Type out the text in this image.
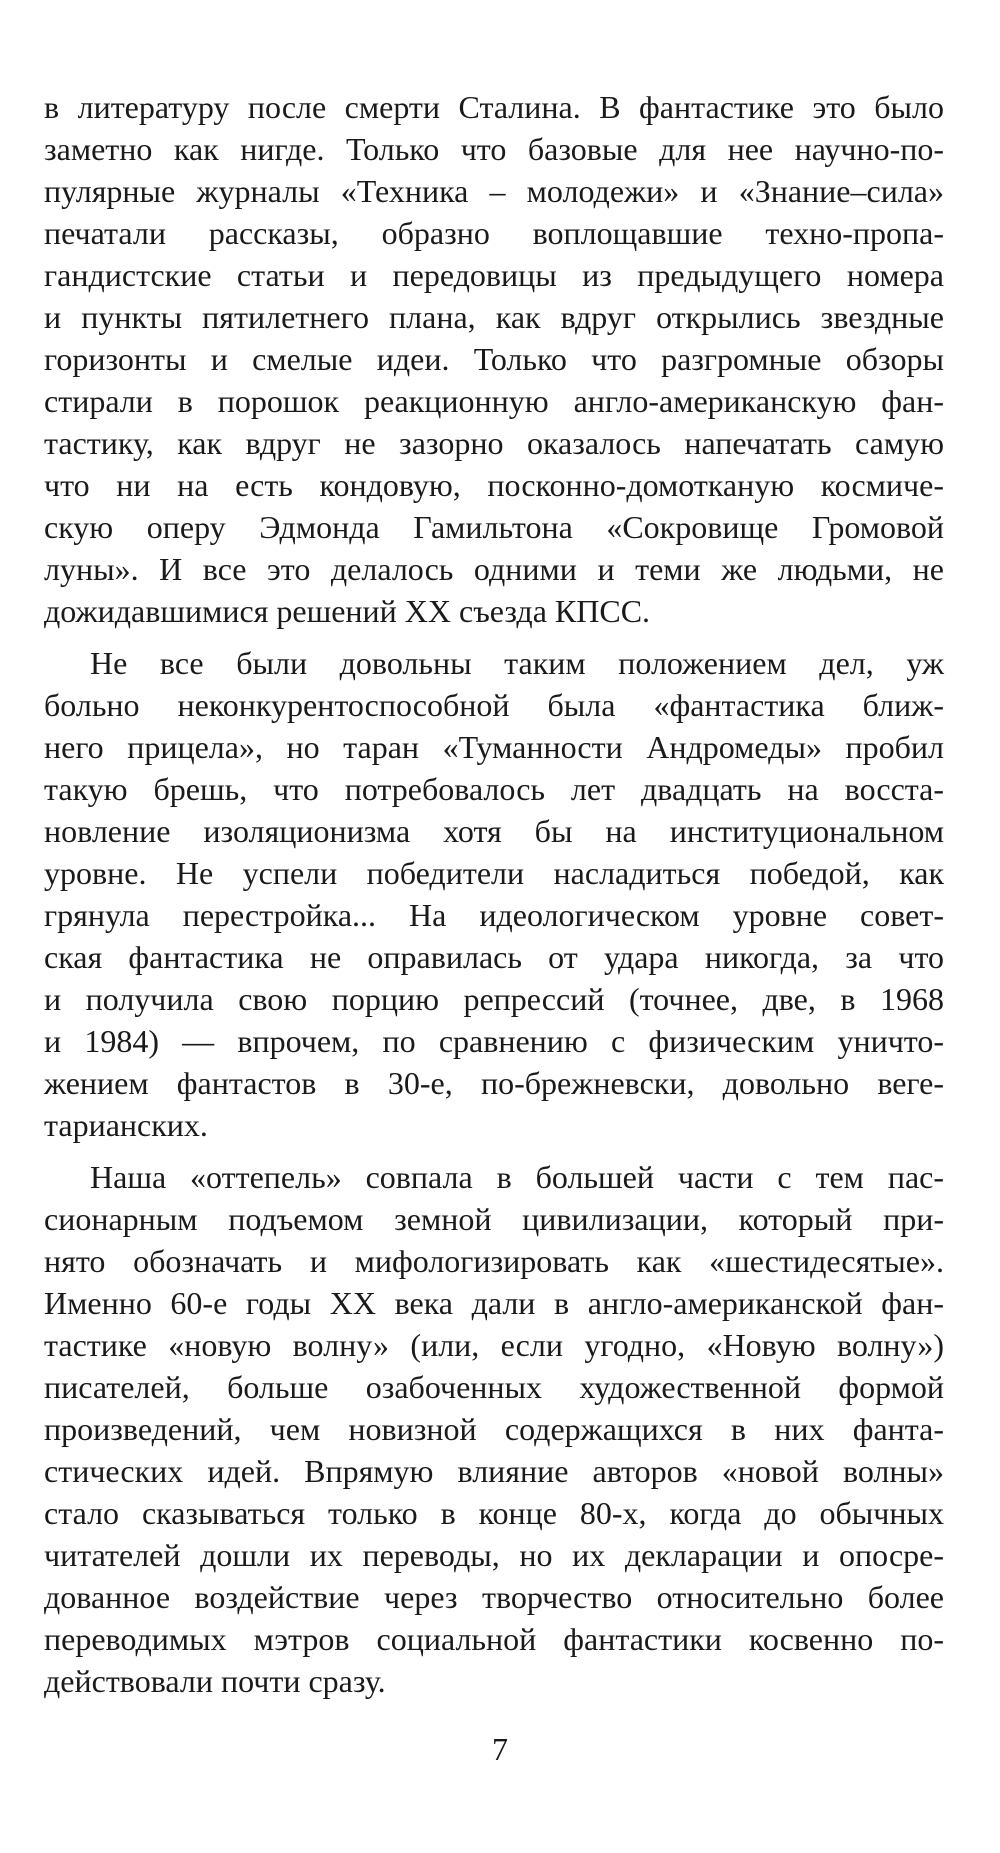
в литературу после смерти Сталина. В фантастике это было
заметно как нигде. Только что базовые для нее научно-по-
пулярные журналы «Техника – молодежи» и «Знание–сила»
печатали рассказы, образно воплощавшие техно-пропа-
гандистские статьи и передовицы из предыдущего номера
и пункты пятилетнего плана, как вдруг открылись звездные
горизонты и смелые идеи. Только что разгромные обзоры
стирали в порошок реакционную англо-американскую фан-
тастику, как вдруг не зазорно оказалось напечатать самую
что ни на есть кондовую, посконно-домотканую космиче-
скую оперу Эдмонда Гамильтона «Сокровище Громовой
луны». И все это делалось одними и теми же людьми, не
дожидавшимися решений XX съезда КПСС.
Не все были довольны таким положением дел, уж
больно неконкурентоспособной была «фантастика ближ-
него прицела», но таран «Туманности Андромеды» пробил
такую брешь, что потребовалось лет двадцать на восста-
новление изоляционизма хотя бы на институциональном
уровне. Не успели победители насладиться победой, как
грянула перестройка... На идеологическом уровне совет-
ская фантастика не оправилась от удара никогда, за что
и получила свою порцию репрессий (точнее, две, в 1968
и 1984) — впрочем, по сравнению с физическим уничто-
жением фантастов в 30-е, по-брежневски, довольно веге-
тарианских.
Наша «оттепель» совпала в большей части с тем пас-
сионарным подъемом земной цивилизации, который при-
нято обозначать и мифологизировать как «шестидесятые».
Именно 60-е годы XX века дали в англо-американской фан-
тастике «новую волну» (или, если угодно, «Новую волну»)
писателей, больше озабоченных художественной формой
произведений, чем новизной содержащихся в них фанта-
стических идей. Впрямую влияние авторов «новой волны»
стало сказываться только в конце 80-х, когда до обычных
читателей дошли их переводы, но их декларации и опосре-
дованное воздействие через творчество относительно более
переводимых мэтров социальной фантастики косвенно по-
действовали почти сразу.
7
